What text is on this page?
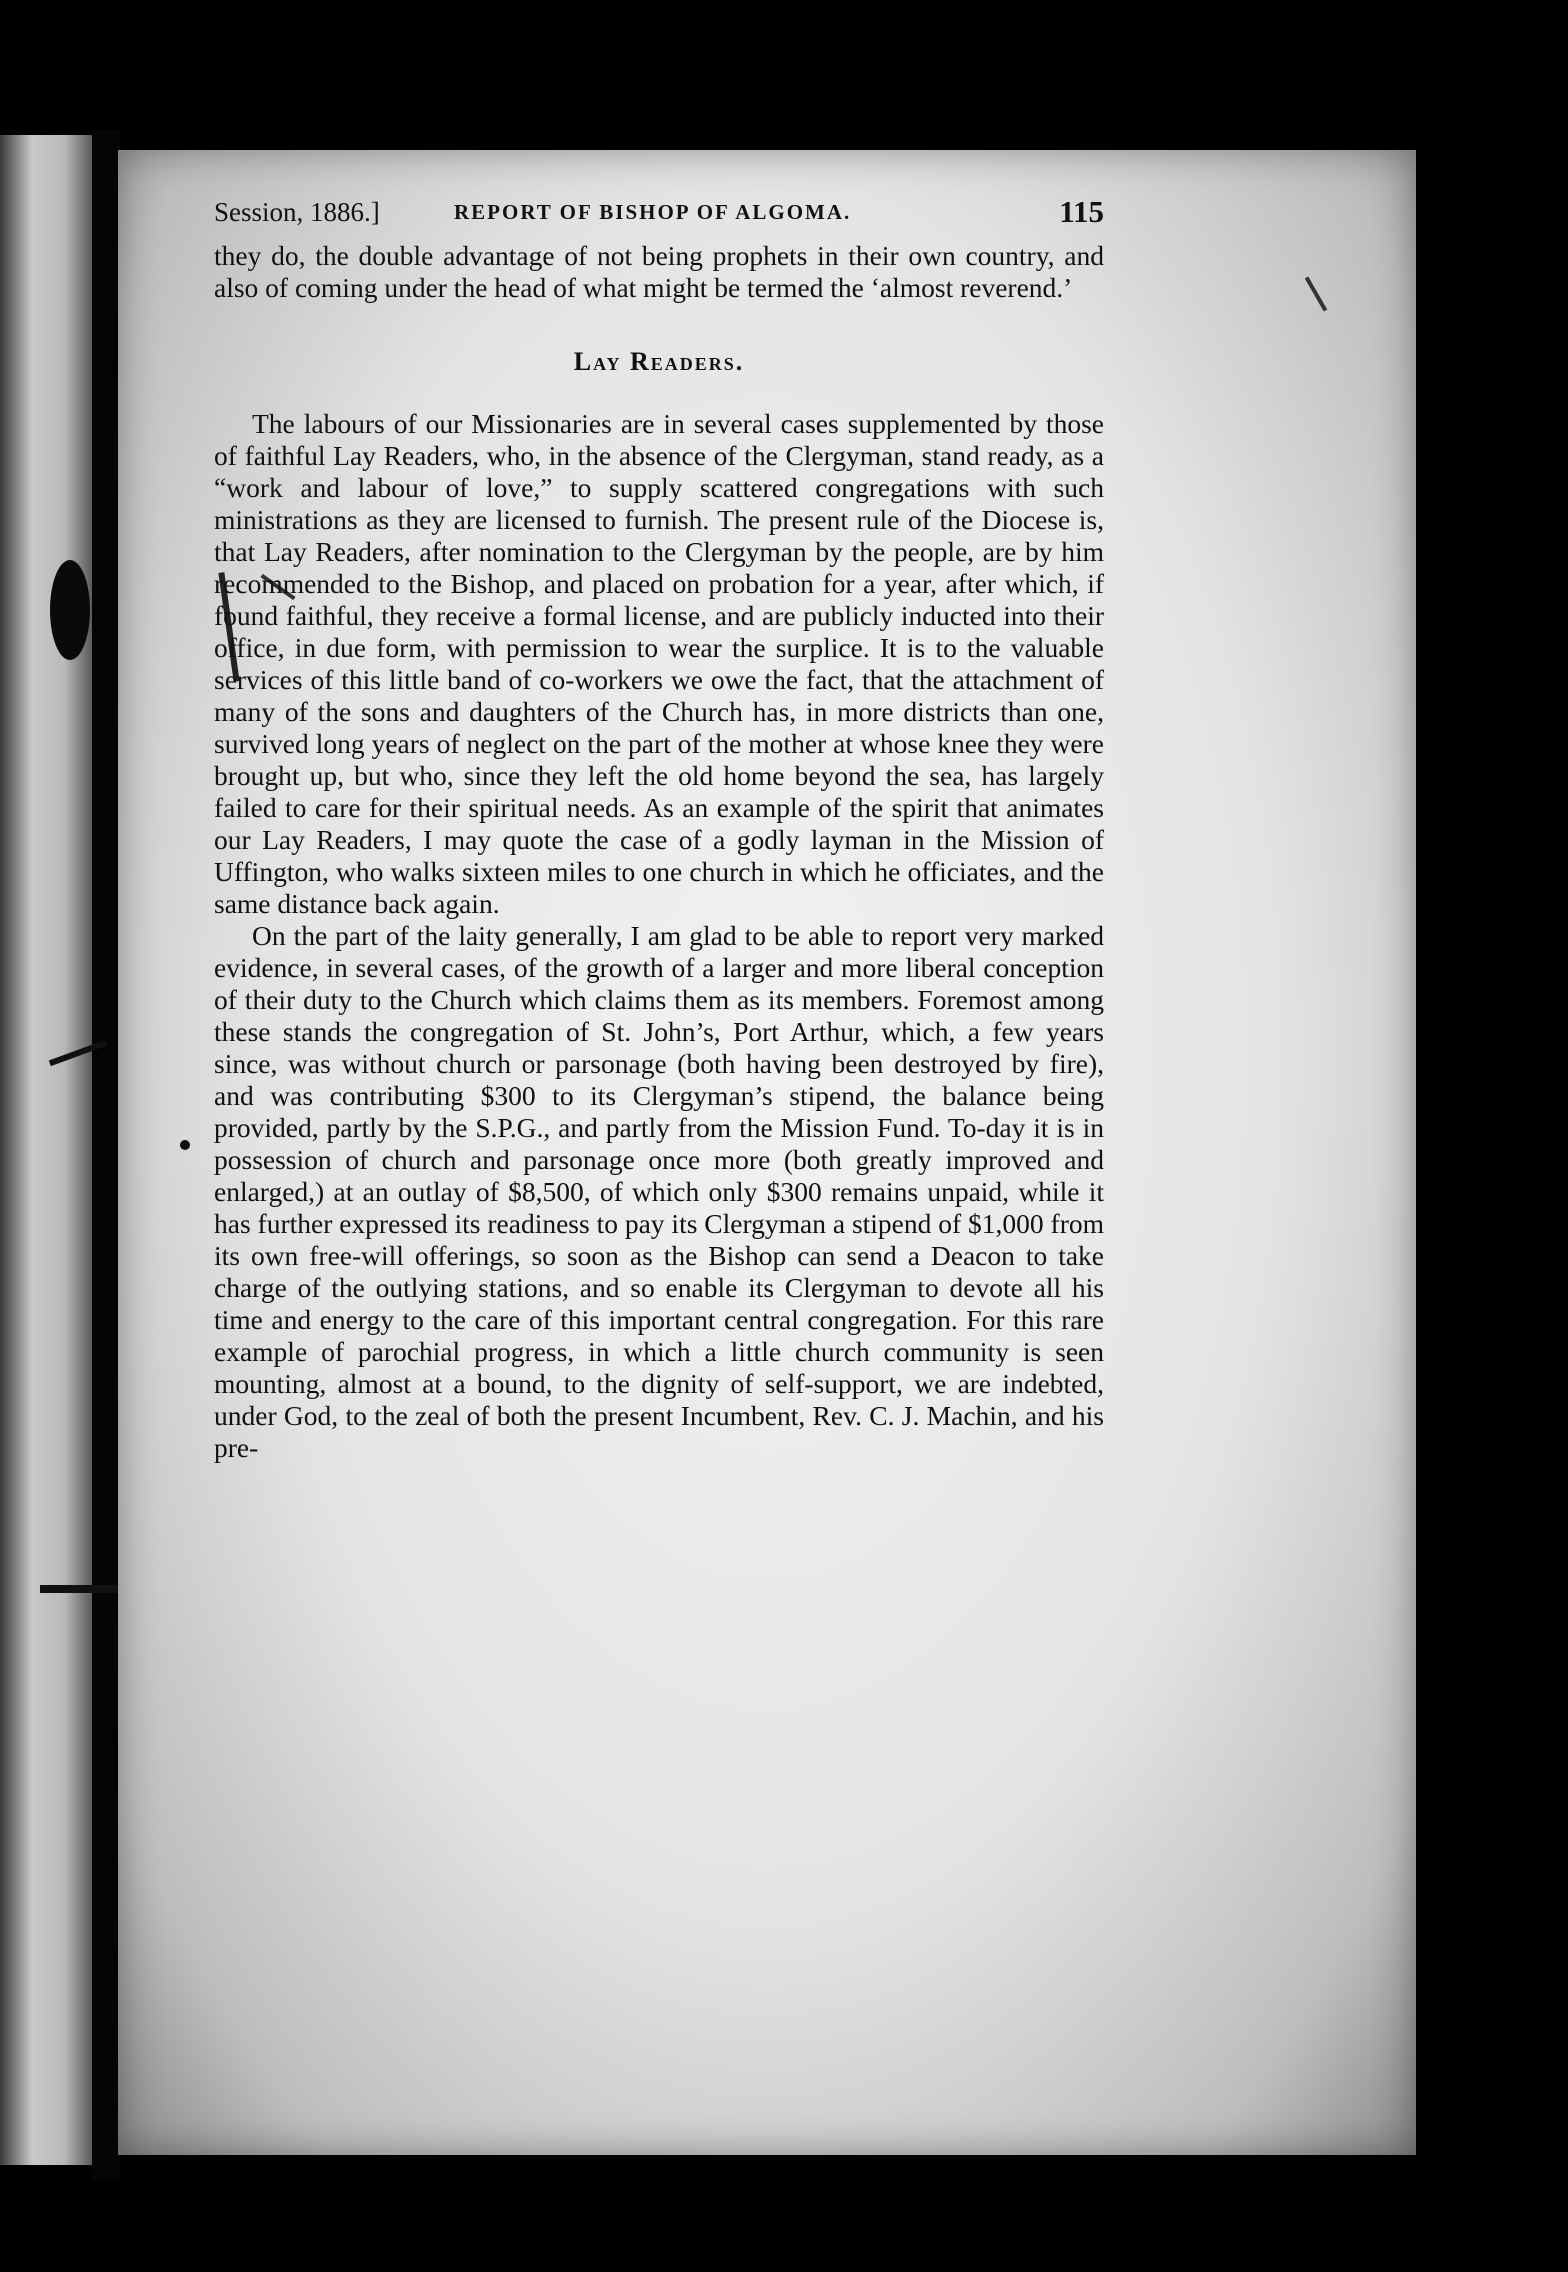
Session, 1886.]	REPORT OF BISHOP OF ALGOMA.	115

they do, the double advantage of not being prophets in their own country, and also of coming under the head of what might be termed the ‘almost reverend.’

Lay Readers.

The labours of our Missionaries are in several cases supplemented by those of faithful Lay Readers, who, in the absence of the Clergyman, stand ready, as a “work and labour of love,” to supply scattered congregations with such ministrations as they are licensed to furnish. The present rule of the Diocese is, that Lay Readers, after nomination to the Clergyman by the people, are by him recommended to the Bishop, and placed on probation for a year, after which, if found faithful, they receive a formal license, and are publicly inducted into their office, in due form, with permission to wear the surplice. It is to the valuable services of this little band of co-workers we owe the fact, that the attachment of many of the sons and daughters of the Church has, in more districts than one, survived long years of neglect on the part of the mother at whose knee they were brought up, but who, since they left the old home beyond the sea, has largely failed to care for their spiritual needs. As an example of the spirit that animates our Lay Readers, I may quote the case of a godly layman in the Mission of Uffington, who walks sixteen miles to one church in which he officiates, and the same distance back again.

On the part of the laity generally, I am glad to be able to report very marked evidence, in several cases, of the growth of a larger and more liberal conception of their duty to the Church which claims them as its members. Foremost among these stands the congregation of St. John’s, Port Arthur, which, a few years since, was without church or parsonage (both having been destroyed by fire), and was contributing $300 to its Clergyman’s stipend, the balance being provided, partly by the S.P.G., and partly from the Mission Fund. To-day it is in possession of church and parsonage once more (both greatly improved and enlarged,) at an outlay of $8,500, of which only $300 remains unpaid, while it has further expressed its readiness to pay its Clergyman a stipend of $1,000 from its own free-will offerings, so soon as the Bishop can send a Deacon to take charge of the outlying stations, and so enable its Clergyman to devote all his time and energy to the care of this important central congregation. For this rare example of parochial progress, in which a little church community is seen mounting, almost at a bound, to the dignity of self-support, we are indebted, under God, to the zeal of both the present Incumbent, Rev. C. J. Machin, and his pre-
